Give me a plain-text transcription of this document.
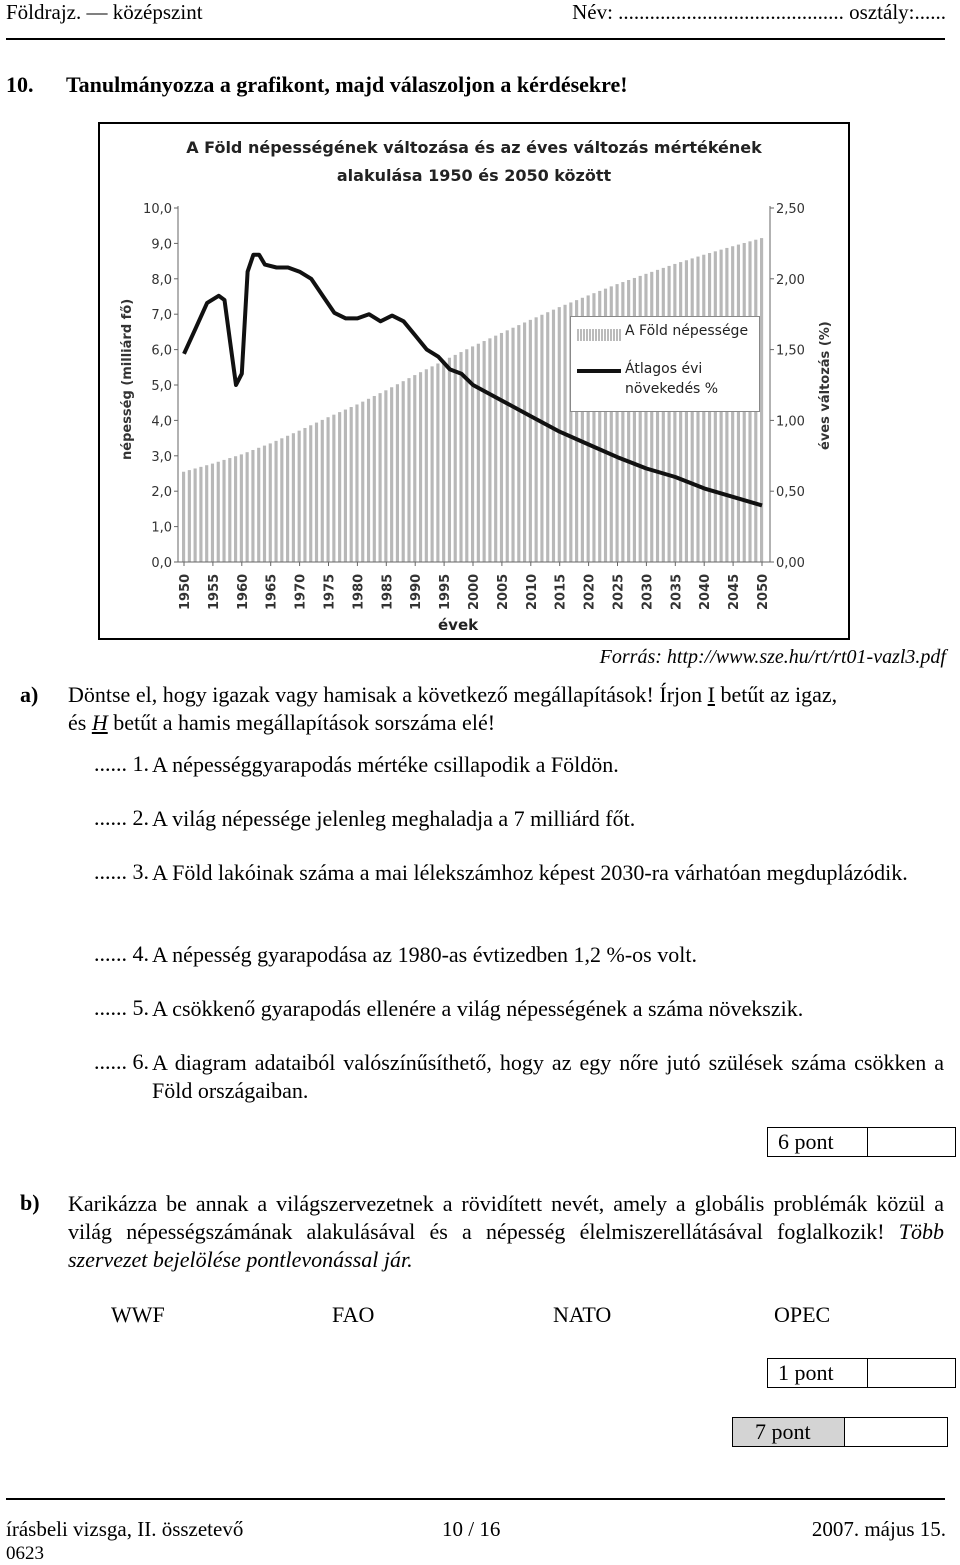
Földrajz. — középszint	Név: ........................................... osztály:......
10. Tanulmányozza a grafikont, majd válaszoljon a kérdésekre!
A Föld népességének változása és az éves változás mértékének
alakulása 1950 és 2050 között
0,0
1,0
2,0
3,0
4,0
5,0
6,0
7,0
8,0
9,0
10,0
0,00
0,50
1,00
1,50
2,00
2,50
1950 1955 1960 1965 1970 1975 1980 1985 1990 1995 2000 2005 2010 2015 2020 2025 2030 2035 2040 2045 2050
népesség (milliárd fő)	éves változás (%)
évek
A Föld népessége
Átlagos évi növekedés %
Forrás: http://www.sze.hu/rt/rt01-vazl3.pdf
a) Döntse el, hogy igazak vagy hamisak a következő megállapítások! Írjon I betűt az igaz,
és H betűt a hamis megállapítások sorszáma elé!
...... 1. A népességgyarapodás mértéke csillapodik a Földön.
...... 2. A világ népessége jelenleg meghaladja a 7 milliárd főt.
...... 3. A Föld lakóinak száma a mai lélekszámhoz képest 2030-ra várhatóan megduplázódik.
...... 4. A népesség gyarapodása az 1980-as évtizedben 1,2 %-os volt.
...... 5. A csökkenő gyarapodás ellenére a világ népességének a száma növekszik.
...... 6. A diagram adataiból valószínűsíthető, hogy az egy nőre jutó szülések száma csökken a Föld országaiban.
6 pont
b) Karikázza be annak a világszervezetnek a rövidített nevét, amely a globális problémák közül a világ népességszámának alakulásával és a népesség élelmiszerellátásával foglalkozik! Több szervezet bejelölése pontlevonással jár.
WWF	FAO	NATO	OPEC
1 pont
7 pont
írásbeli vizsga, II. összetevő	10 / 16	2007. május 15.
0623
